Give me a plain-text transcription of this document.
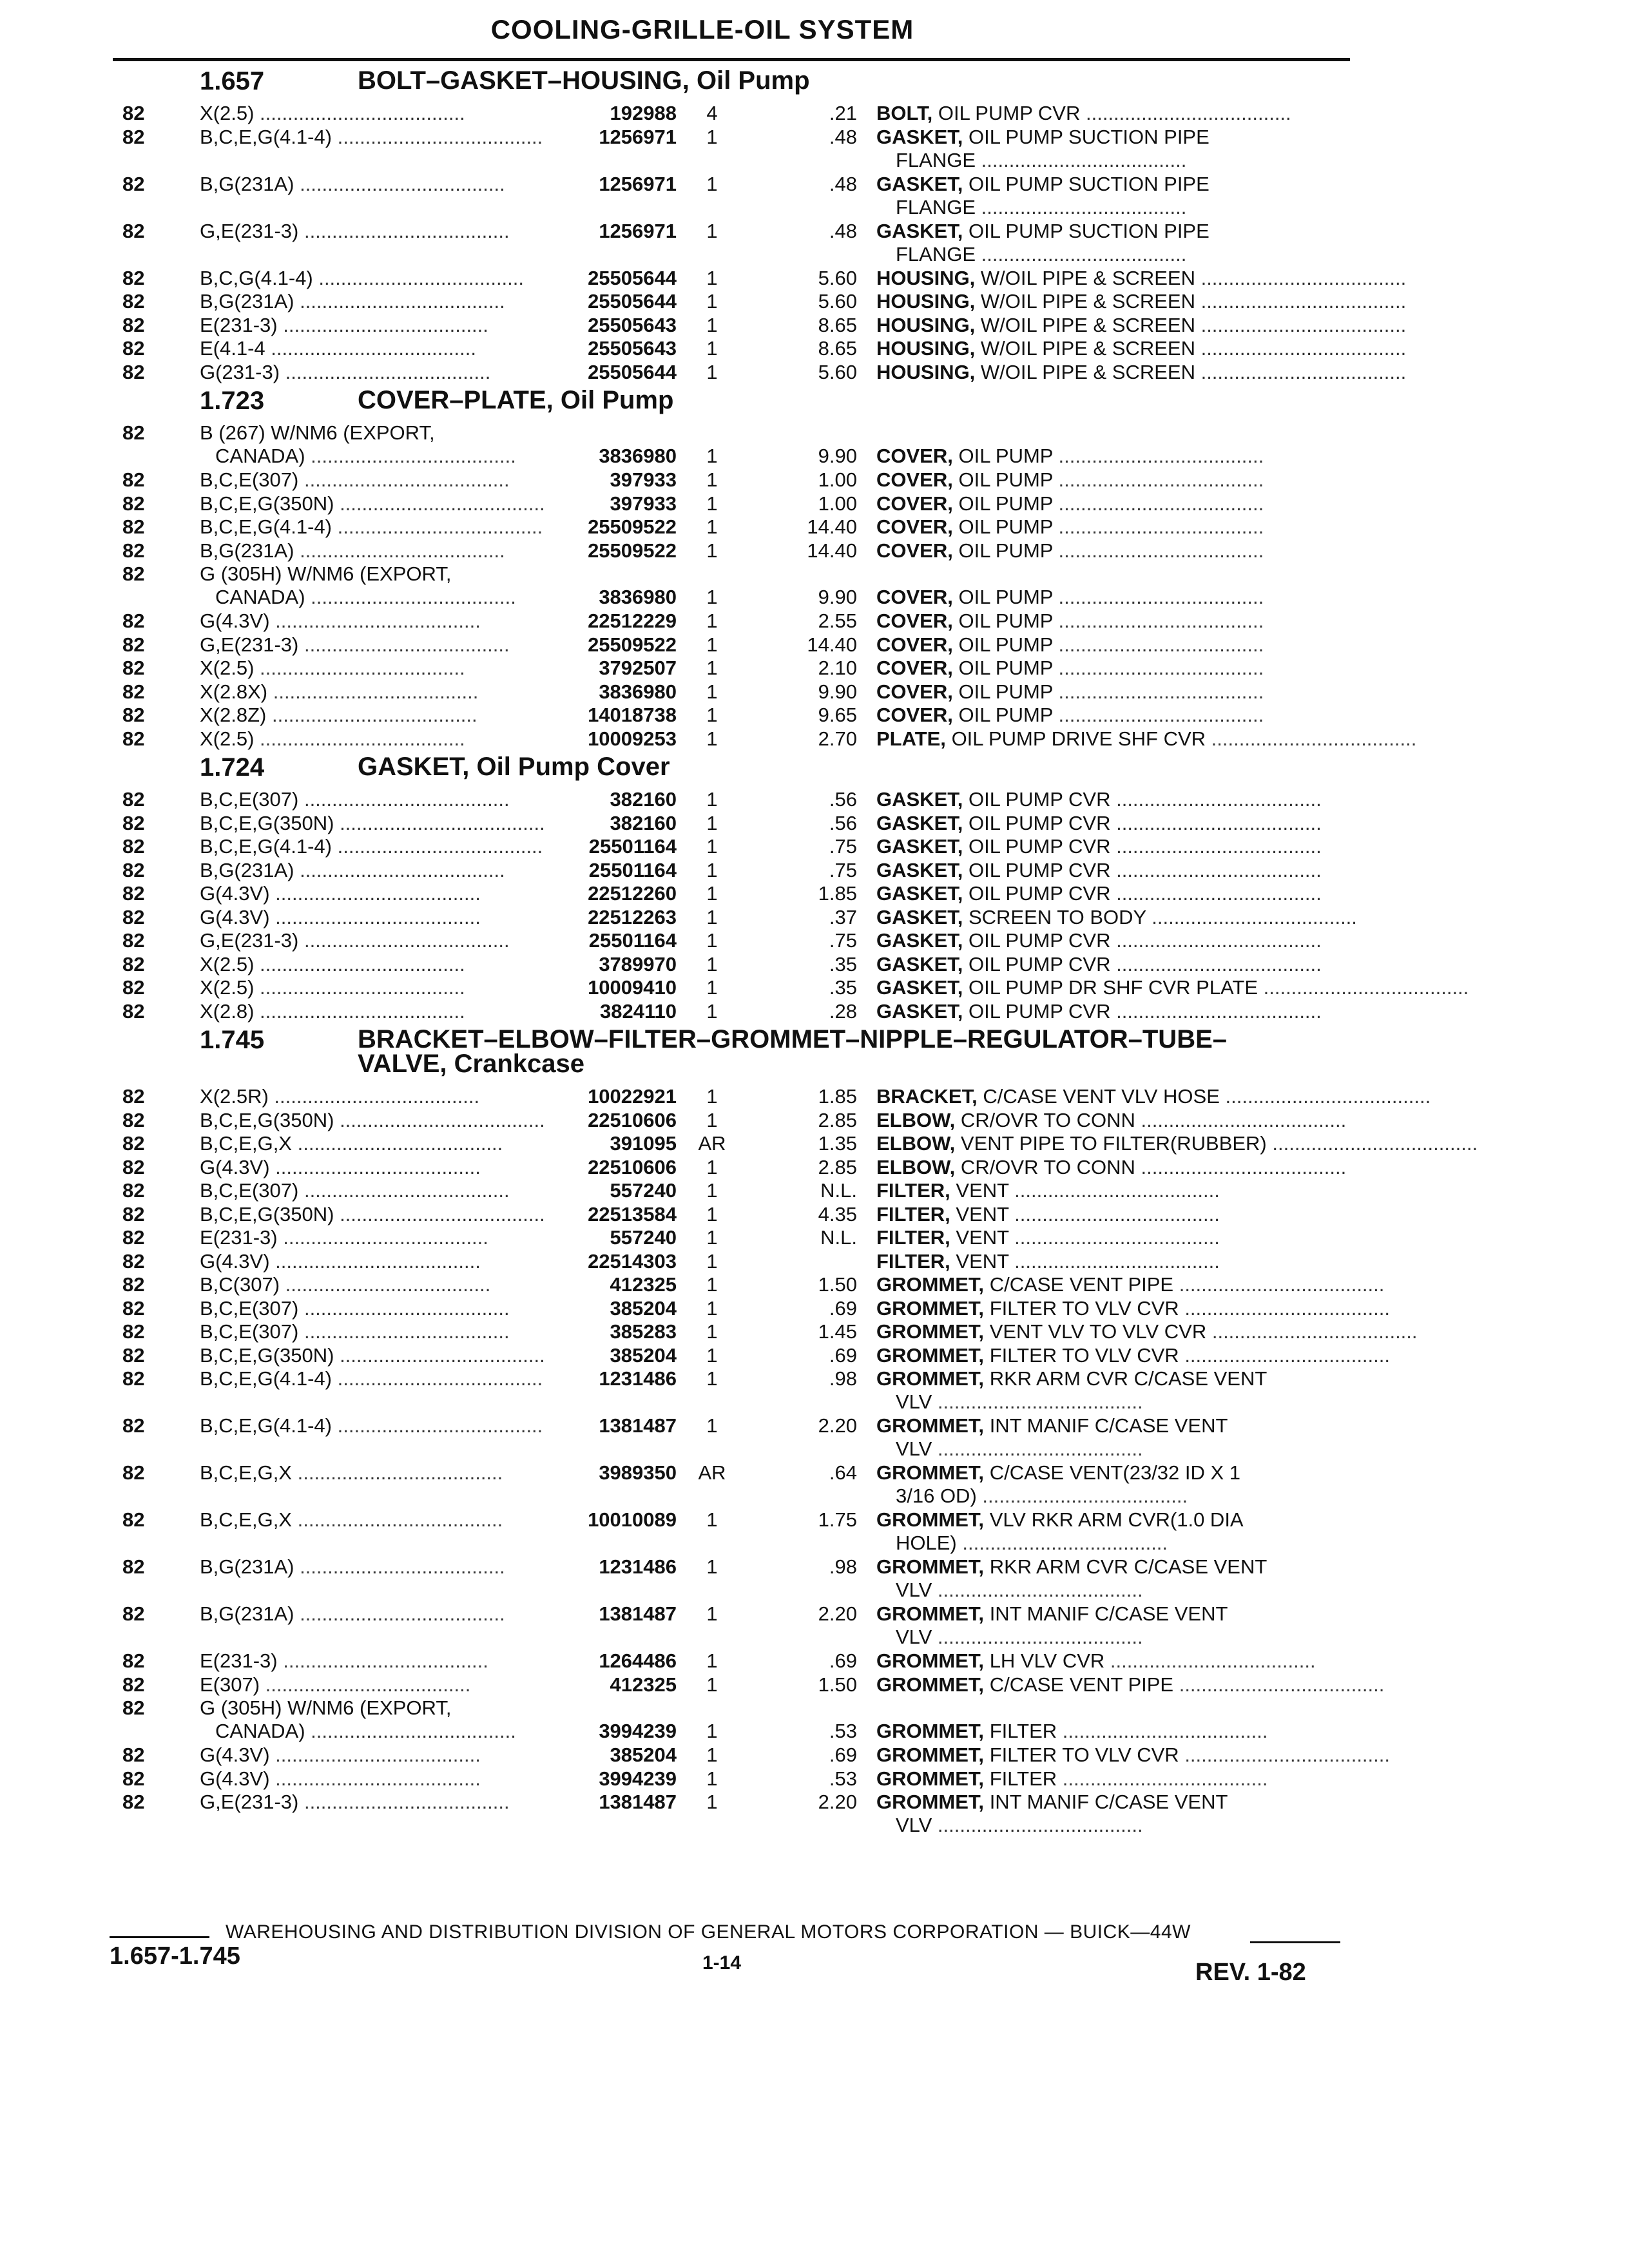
COOLING-GRILLE-OIL SYSTEM
1.657	BOLT–GASKET–HOUSING, Oil Pump
82	X(2.5) .....................................	192988	4	.21 BOLT, OIL PUMP CVR .....................................
82	B,C,E,G(4.1-4) .....................................	1256971	1	.48 GASKET, OIL PUMP SUCTION PIPE
FLANGE .....................................
82	B,G(231A) .....................................	1256971	1	.48 GASKET, OIL PUMP SUCTION PIPE
FLANGE .....................................
82	G,E(231-3) .....................................	1256971	1	.48 GASKET, OIL PUMP SUCTION PIPE
FLANGE .....................................
82	B,C,G(4.1-4) .....................................	25505644	1	5.60 HOUSING, W/OIL PIPE & SCREEN .....................................
82	B,G(231A) .....................................	25505644	1	5.60 HOUSING, W/OIL PIPE & SCREEN .....................................
82	E(231-3) .....................................	25505643	1	8.65 HOUSING, W/OIL PIPE & SCREEN .....................................
82	E(4.1-4 .....................................	25505643	1	8.65 HOUSING, W/OIL PIPE & SCREEN .....................................
82	G(231-3) .....................................	25505644	1	5.60 HOUSING, W/OIL PIPE & SCREEN .....................................
1.723	COVER–PLATE, Oil Pump
82	B (267) W/NM6 (EXPORT,
CANADA) .....................................	3836980	1	9.90 COVER, OIL PUMP .....................................
82	B,C,E(307) .....................................	397933	1	1.00 COVER, OIL PUMP .....................................
82	B,C,E,G(350N) .....................................	397933	1	1.00 COVER, OIL PUMP .....................................
82	B,C,E,G(4.1-4) .....................................	25509522	1	14.40 COVER, OIL PUMP .....................................
82	B,G(231A) .....................................	25509522	1	14.40 COVER, OIL PUMP .....................................
82	G (305H) W/NM6 (EXPORT,
CANADA) .....................................	3836980	1	9.90 COVER, OIL PUMP .....................................
82	G(4.3V) .....................................	22512229	1	2.55 COVER, OIL PUMP .....................................
82	G,E(231-3) .....................................	25509522	1	14.40 COVER, OIL PUMP .....................................
82	X(2.5) .....................................	3792507	1	2.10 COVER, OIL PUMP .....................................
82	X(2.8X) .....................................	3836980	1	9.90 COVER, OIL PUMP .....................................
82	X(2.8Z) .....................................	14018738	1	9.65 COVER, OIL PUMP .....................................
82	X(2.5) .....................................	10009253	1	2.70 PLATE, OIL PUMP DRIVE SHF CVR .....................................
1.724	GASKET, Oil Pump Cover
82	B,C,E(307) .....................................	382160	1	.56 GASKET, OIL PUMP CVR .....................................
82	B,C,E,G(350N) .....................................	382160	1	.56 GASKET, OIL PUMP CVR .....................................
82	B,C,E,G(4.1-4) .....................................	25501164	1	.75 GASKET, OIL PUMP CVR .....................................
82	B,G(231A) .....................................	25501164	1	.75 GASKET, OIL PUMP CVR .....................................
82	G(4.3V) .....................................	22512260	1	1.85 GASKET, OIL PUMP CVR .....................................
82	G(4.3V) .....................................	22512263	1	.37 GASKET, SCREEN TO BODY .....................................
82	G,E(231-3) .....................................	25501164	1	.75 GASKET, OIL PUMP CVR .....................................
82	X(2.5) .....................................	3789970	1	.35 GASKET, OIL PUMP CVR .....................................
82	X(2.5) .....................................	10009410	1	.35 GASKET, OIL PUMP DR SHF CVR PLATE .....................................
82	X(2.8) .....................................	3824110	1	.28 GASKET, OIL PUMP CVR .....................................
1.745	BRACKET–ELBOW–FILTER–GROMMET–NIPPLE–REGULATOR–TUBE–
VALVE, Crankcase
82	X(2.5R) .....................................	10022921	1	1.85 BRACKET, C/CASE VENT VLV HOSE .....................................
82	B,C,E,G(350N) .....................................	22510606	1	2.85 ELBOW, CR/OVR TO CONN .....................................
82	B,C,E,G,X .....................................	391095	AR	1.35 ELBOW, VENT PIPE TO FILTER(RUBBER) .....................................
82	G(4.3V) .....................................	22510606	1	2.85 ELBOW, CR/OVR TO CONN .....................................
82	B,C,E(307) .....................................	557240	1	N.L. FILTER, VENT .....................................
82	B,C,E,G(350N) .....................................	22513584	1	4.35 FILTER, VENT .....................................
82	E(231-3) .....................................	557240	1	N.L. FILTER, VENT .....................................
82	G(4.3V) .....................................	22514303	1	FILTER, VENT .....................................
82	B,C(307) .....................................	412325	1	1.50 GROMMET, C/CASE VENT PIPE .....................................
82	B,C,E(307) .....................................	385204	1	.69 GROMMET, FILTER TO VLV CVR .....................................
82	B,C,E(307) .....................................	385283	1	1.45 GROMMET, VENT VLV TO VLV CVR .....................................
82	B,C,E,G(350N) .....................................	385204	1	.69 GROMMET, FILTER TO VLV CVR .....................................
82	B,C,E,G(4.1-4) .....................................	1231486	1	.98 GROMMET, RKR ARM CVR C/CASE VENT
VLV .....................................
82	B,C,E,G(4.1-4) .....................................	1381487	1	2.20 GROMMET, INT MANIF C/CASE VENT
VLV .....................................
82	B,C,E,G,X .....................................	3989350	AR	.64 GROMMET, C/CASE VENT(23/32 ID X 1
3/16 OD) .....................................
82	B,C,E,G,X .....................................	10010089	1	1.75 GROMMET, VLV RKR ARM CVR(1.0 DIA
HOLE) .....................................
82	B,G(231A) .....................................	1231486	1	.98 GROMMET, RKR ARM CVR C/CASE VENT
VLV .....................................
82	B,G(231A) .....................................	1381487	1	2.20 GROMMET, INT MANIF C/CASE VENT
VLV .....................................
82	E(231-3) .....................................	1264486	1	.69 GROMMET, LH VLV CVR .....................................
82	E(307) .....................................	412325	1	1.50 GROMMET, C/CASE VENT PIPE .....................................
82	G (305H) W/NM6 (EXPORT,
CANADA) .....................................	3994239	1	.53 GROMMET, FILTER .....................................
82	G(4.3V) .....................................	385204	1	.69 GROMMET, FILTER TO VLV CVR .....................................
82	G(4.3V) .....................................	3994239	1	.53 GROMMET, FILTER .....................................
82	G,E(231-3) .....................................	1381487	1	2.20 GROMMET, INT MANIF C/CASE VENT
VLV .....................................
WAREHOUSING AND DISTRIBUTION DIVISION OF GENERAL MOTORS CORPORATION — BUICK—44W
1.657-1.745	1-14	REV. 1-82
